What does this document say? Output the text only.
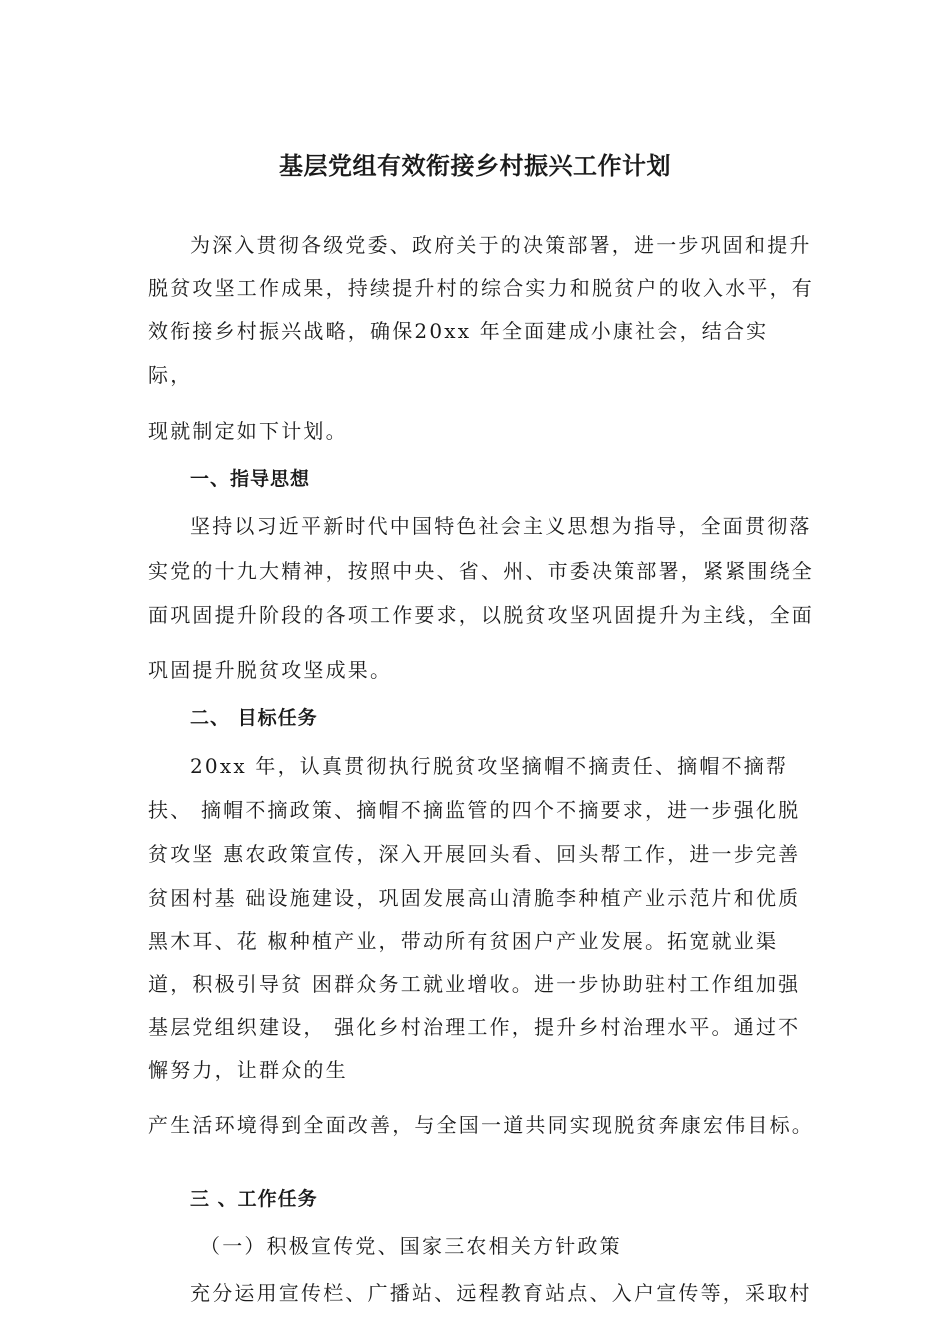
基层党组有效衔接乡村振兴工作计划
为深入贯彻各级党委、政府关于的决策部署，进一步巩固和提升
脱贫攻坚工作成果，持续提升村的综合实力和脱贫户的收入水平，有
效衔接乡村振兴战略，确保20xx 年全面建成小康社会，结合实
际，
现就制定如下计划。
一、指导思想
坚持以习近平新时代中国特色社会主义思想为指导，全面贯彻落
实党的十九大精神，按照中央、省、州、市委决策部署，紧紧围绕全
面巩固提升阶段的各项工作要求，以脱贫攻坚巩固提升为主线，全面
巩固提升脱贫攻坚成果。
二、 目标任务
20xx 年，认真贯彻执行脱贫攻坚摘帽不摘责任、摘帽不摘帮
扶、 摘帽不摘政策、摘帽不摘监管的四个不摘要求，进一步强化脱
贫攻坚 惠农政策宣传，深入开展回头看、回头帮工作，进一步完善
贫困村基 础设施建设，巩固发展高山清脆李种植产业示范片和优质
黑木耳、花 椒种植产业，带动所有贫困户产业发展。拓宽就业渠
道，积极引导贫 困群众务工就业增收。进一步协助驻村工作组加强
基层党组织建设， 强化乡村治理工作，提升乡村治理水平。通过不
懈努力，让群众的生
产生活环境得到全面改善，与全国一道共同实现脱贫奔康宏伟目标。
三 、工作任务
（一）积极宣传党、国家三农相关方针政策
充分运用宣传栏、广播站、远程教育站点、入户宣传等，采取村
